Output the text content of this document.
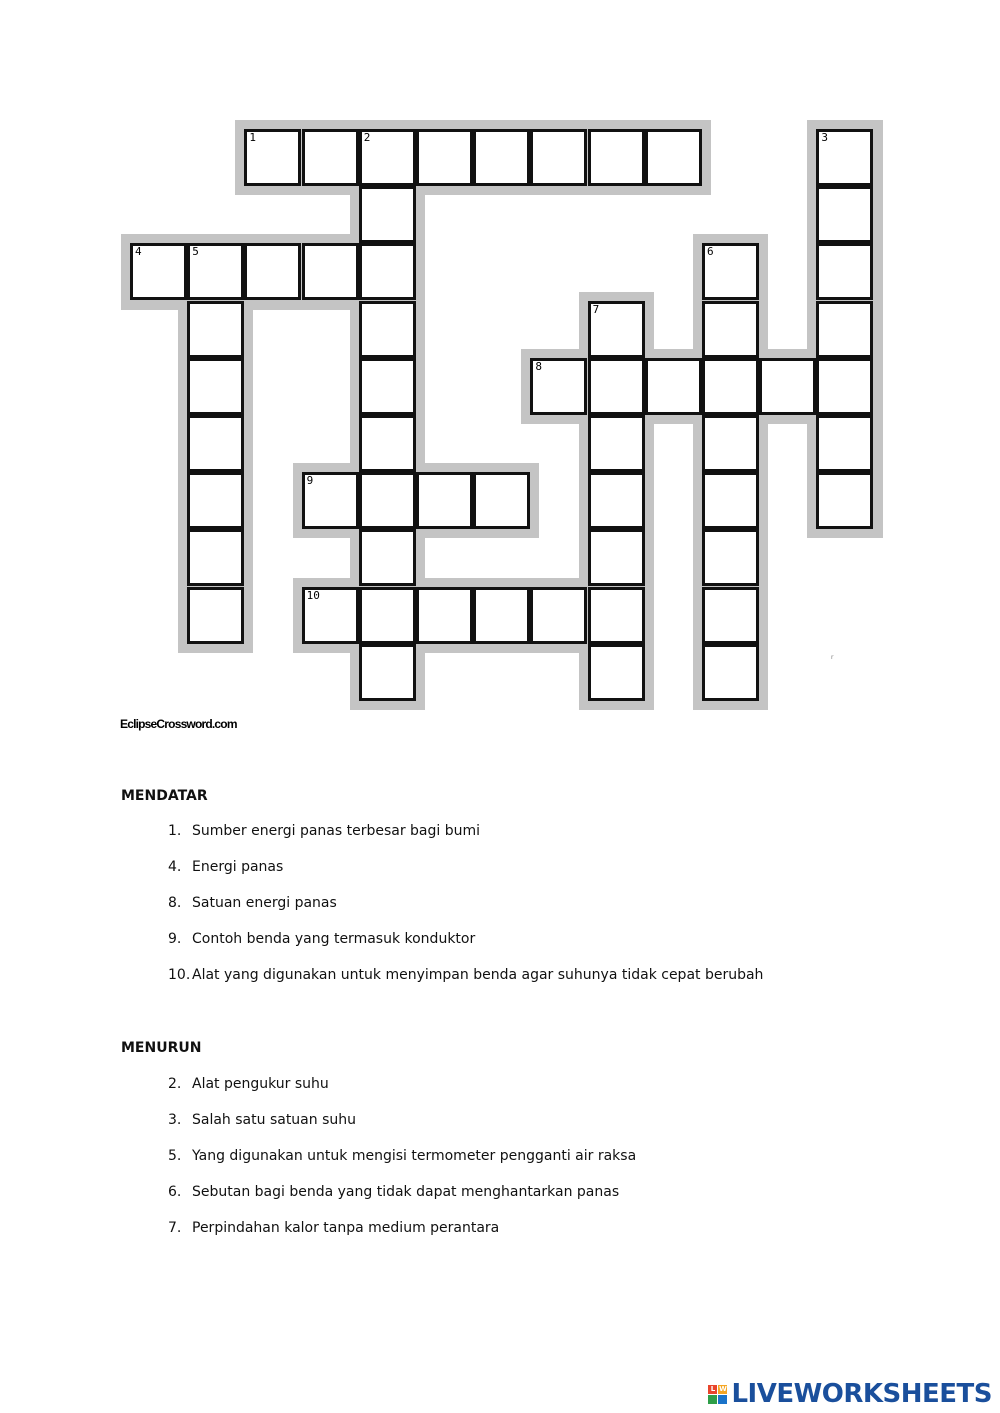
1	2	3
4	5	6
7
8
9
10
EclipseCrossword.com
r
MENDATAR
1. Sumber energi panas terbesar bagi bumi
4. Energi panas
8. Satuan energi panas
9. Contoh benda yang termasuk konduktor
10. Alat yang digunakan untuk menyimpan benda agar suhunya tidak cepat berubah
MENURUN
2. Alat pengukur suhu
3. Salah satu satuan suhu
5. Yang digunakan untuk mengisi termometer pengganti air raksa
6. Sebutan bagi benda yang tidak dapat menghantarkan panas
7. Perpindahan kalor tanpa medium perantara
L W LIVEWORKSHEETS
